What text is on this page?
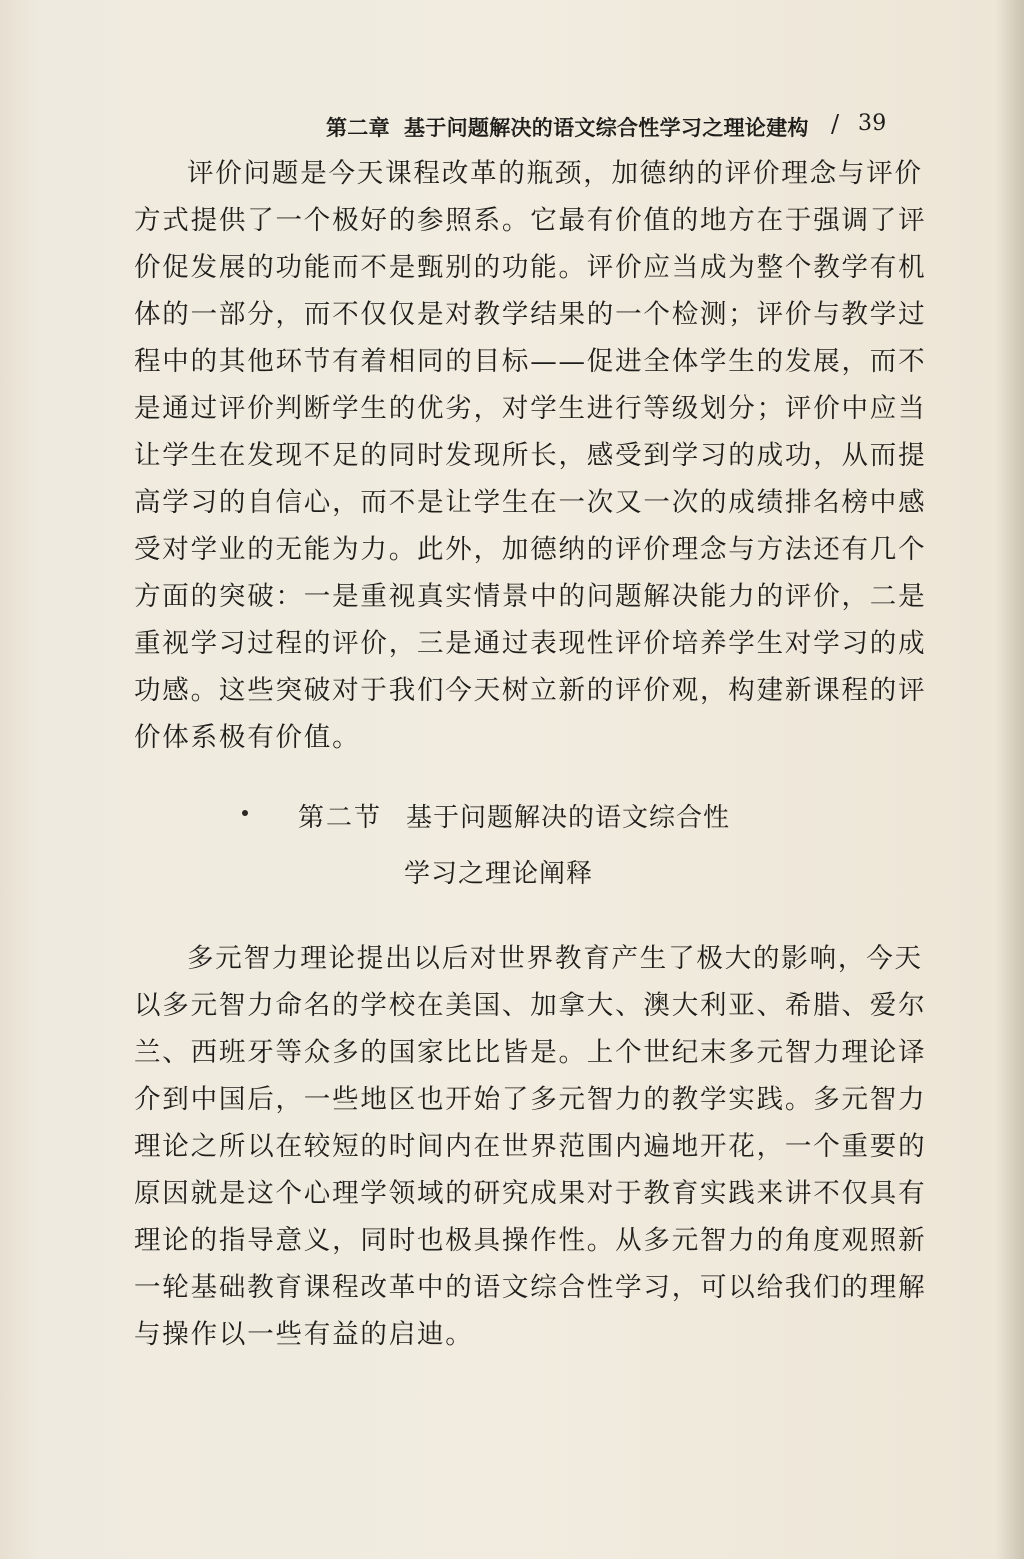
第二章 基于问题解决的语文综合性学习之理论建构 / 39
评价问题是今天课程改革的瓶颈，加德纳的评价理念与评价
方式提供了一个极好的参照系。它最有价值的地方在于强调了评
价促发展的功能而不是甄别的功能。评价应当成为整个教学有机
体的一部分，而不仅仅是对教学结果的一个检测；评价与教学过
程中的其他环节有着相同的目标——促进全体学生的发展，而不
是通过评价判断学生的优劣，对学生进行等级划分；评价中应当
让学生在发现不足的同时发现所长，感受到学习的成功，从而提
高学习的自信心，而不是让学生在一次又一次的成绩排名榜中感
受对学业的无能为力。此外，加德纳的评价理念与方法还有几个
方面的突破：一是重视真实情景中的问题解决能力的评价，二是
重视学习过程的评价，三是通过表现性评价培养学生对学习的成
功感。这些突破对于我们今天树立新的评价观，构建新课程的评
价体系极有价值。
第二节 基于问题解决的语文综合性
学习之理论阐释
多元智力理论提出以后对世界教育产生了极大的影响，今天
以多元智力命名的学校在美国、加拿大、澳大利亚、希腊、爱尔
兰、西班牙等众多的国家比比皆是。上个世纪末多元智力理论译
介到中国后，一些地区也开始了多元智力的教学实践。多元智力
理论之所以在较短的时间内在世界范围内遍地开花，一个重要的
原因就是这个心理学领域的研究成果对于教育实践来讲不仅具有
理论的指导意义，同时也极具操作性。从多元智力的角度观照新
一轮基础教育课程改革中的语文综合性学习，可以给我们的理解
与操作以一些有益的启迪。
